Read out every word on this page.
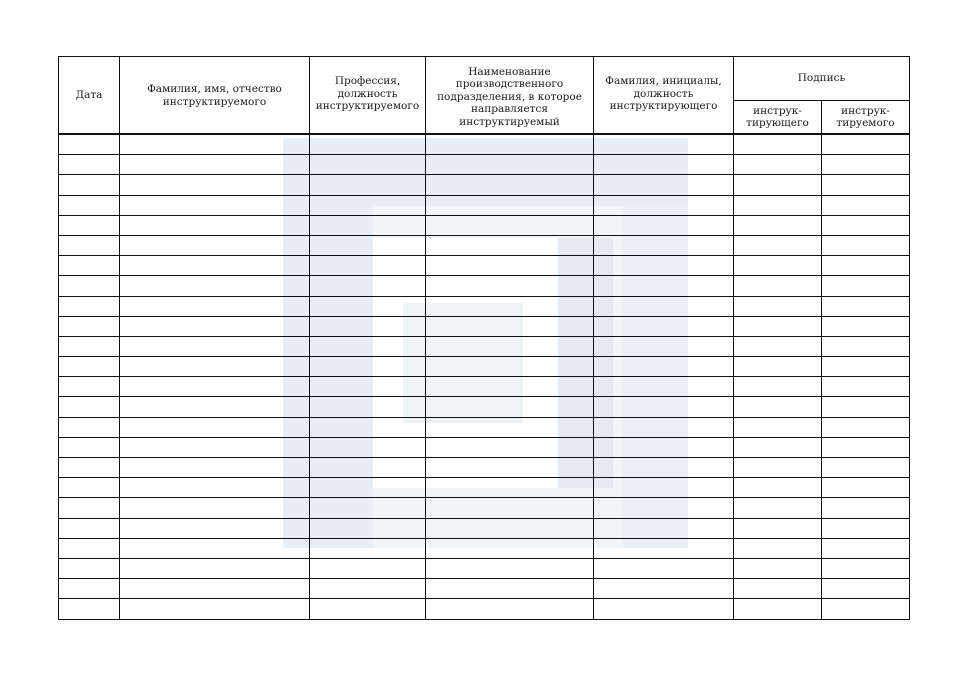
Дата	Фамилия, имя, отчество инструктируемого	Профессия, должность инструктируемого	Наименование производственного подразделения, в которое направляется инструктируемый	Фамилия, инициалы, должность инструктирующего	Подпись	

					инструк-тирующего	инструк-тируемого
